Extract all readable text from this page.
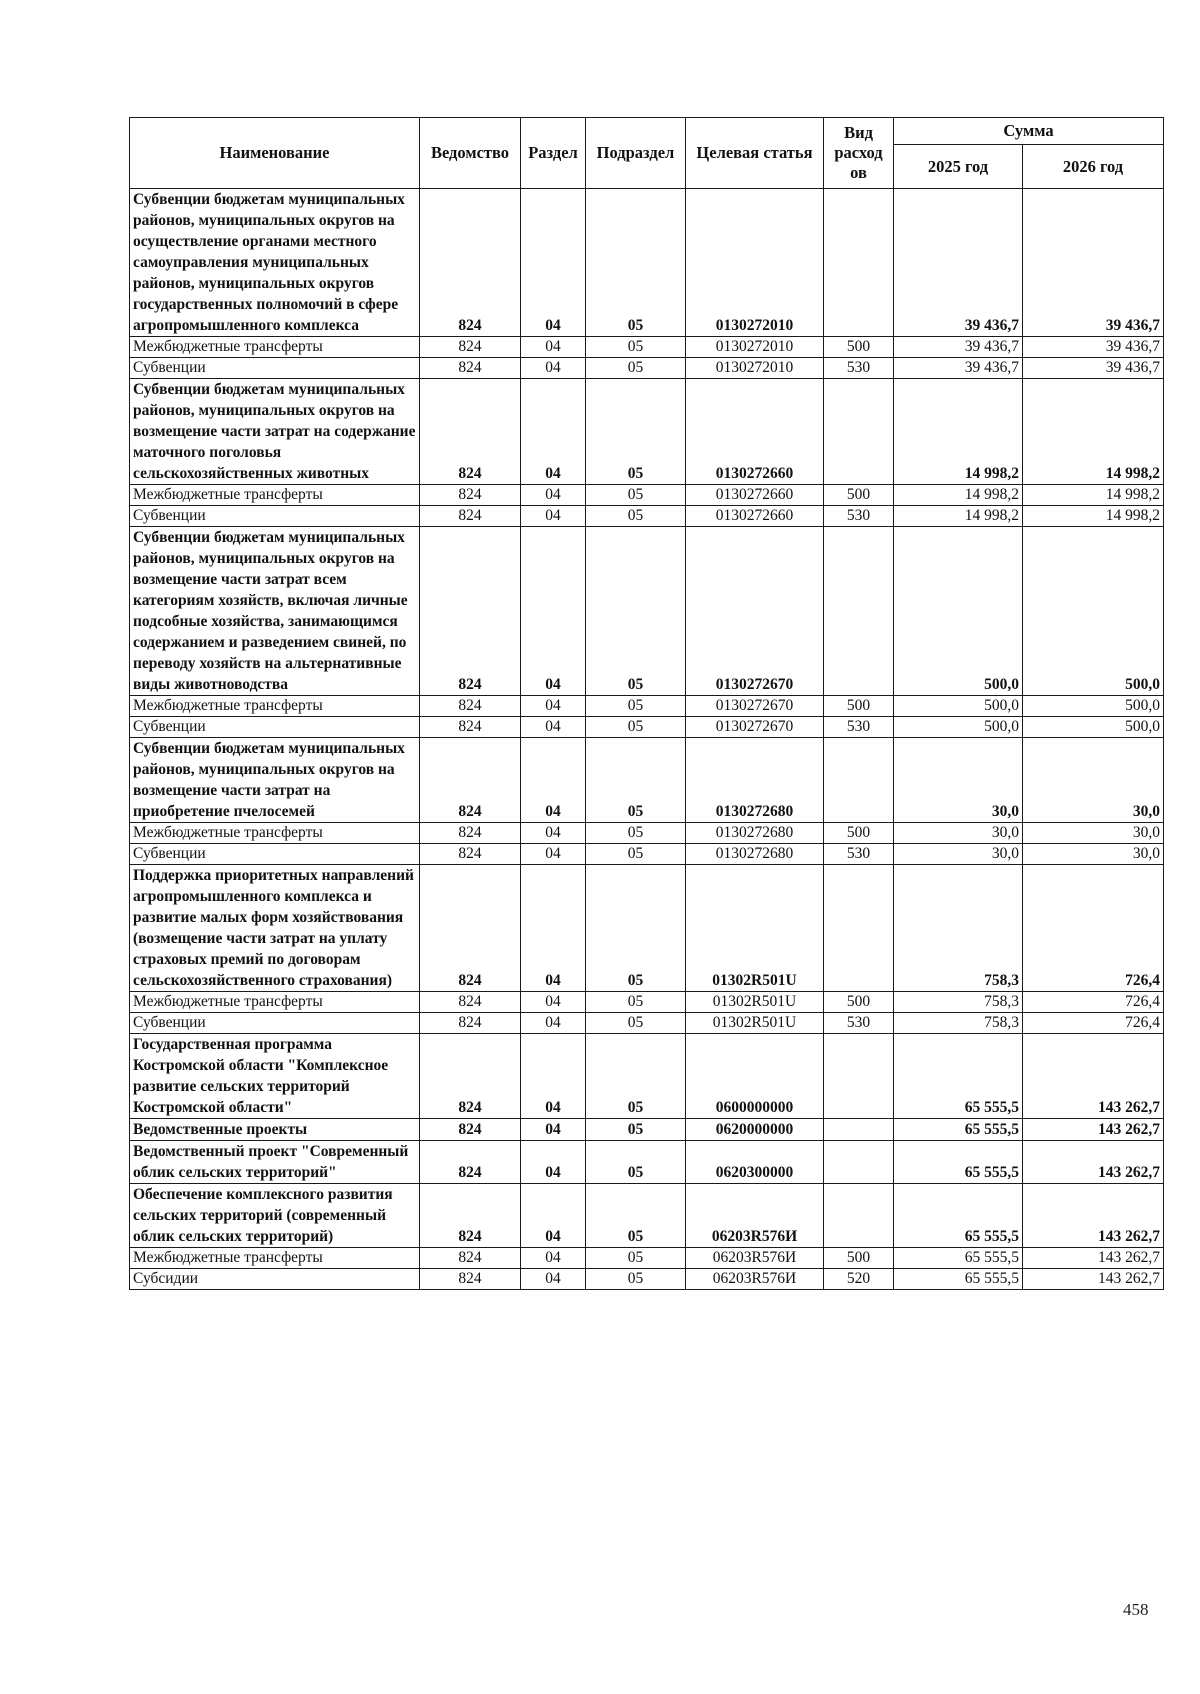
Наименование	Ведомство	Раздел	Подраздел	Целевая статья	Вид расход ов	Сумма	
						2025 год	2026 год
Субвенции бюджетам муниципальных районов, муниципальных округов на осуществление органами местного самоуправления муниципальных районов, муниципальных округов государственных полномочий в сфере агропромышленного комплекса	824	04	05	0130272010		39 436,7	39 436,7
Межбюджетные трансферты	824	04	05	0130272010	500	39 436,7	39 436,7
Субвенции	824	04	05	0130272010	530	39 436,7	39 436,7
Субвенции бюджетам муниципальных районов, муниципальных округов на возмещение части затрат на содержание маточного поголовья сельскохозяйственных животных	824	04	05	0130272660		14 998,2	14 998,2
Межбюджетные трансферты	824	04	05	0130272660	500	14 998,2	14 998,2
Субвенции	824	04	05	0130272660	530	14 998,2	14 998,2
Субвенции бюджетам муниципальных районов, муниципальных округов на возмещение части затрат всем категориям хозяйств, включая личные подсобные хозяйства, занимающимся содержанием и разведением свиней, по переводу хозяйств на альтернативные виды животноводства	824	04	05	0130272670		500,0	500,0
Межбюджетные трансферты	824	04	05	0130272670	500	500,0	500,0
Субвенции	824	04	05	0130272670	530	500,0	500,0
Субвенции бюджетам муниципальных районов, муниципальных округов на возмещение части затрат на приобретение пчелосемей	824	04	05	0130272680		30,0	30,0
Межбюджетные трансферты	824	04	05	0130272680	500	30,0	30,0
Субвенции	824	04	05	0130272680	530	30,0	30,0
Поддержка приоритетных направлений агропромышленного комплекса и развитие малых форм хозяйствования (возмещение части затрат на уплату страховых премий по договорам сельскохозяйственного страхования)	824	04	05	01302R501U		758,3	726,4
Межбюджетные трансферты	824	04	05	01302R501U	500	758,3	726,4
Субвенции	824	04	05	01302R501U	530	758,3	726,4
Государственная программа Костромской области "Комплексное развитие сельских территорий Костромской области"	824	04	05	0600000000		65 555,5	143 262,7
Ведомственные проекты	824	04	05	0620000000		65 555,5	143 262,7
Ведомственный проект "Современный облик сельских территорий"	824	04	05	0620300000		65 555,5	143 262,7
Обеспечение комплексного развития сельских территорий (современный облик сельских территорий)	824	04	05	06203R576И		65 555,5	143 262,7
Межбюджетные трансферты	824	04	05	06203R576И	500	65 555,5	143 262,7
Субсидии	824	04	05	06203R576И	520	65 555,5	143 262,7
458
